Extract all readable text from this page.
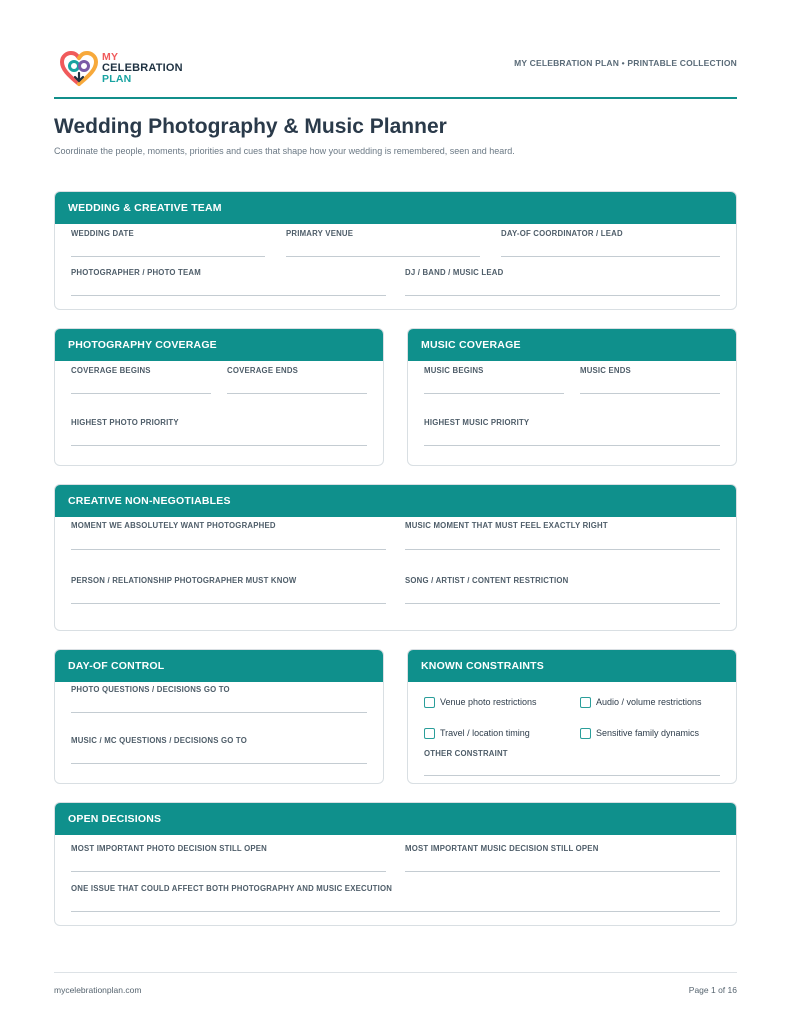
MY
CELEBRATION
PLAN
MY CELEBRATION PLAN • PRINTABLE COLLECTION
Wedding Photography & Music Planner
Coordinate the people, moments, priorities and cues that shape how your wedding is remembered, seen and heard.
WEDDING & CREATIVE TEAM
WEDDING DATE	PRIMARY VENUE	DAY-OF COORDINATOR / LEAD
PHOTOGRAPHER / PHOTO TEAM	DJ / BAND / MUSIC LEAD
PHOTOGRAPHY COVERAGE
COVERAGE BEGINS	COVERAGE ENDS
HIGHEST PHOTO PRIORITY
MUSIC COVERAGE
MUSIC BEGINS	MUSIC ENDS
HIGHEST MUSIC PRIORITY
CREATIVE NON-NEGOTIABLES
MOMENT WE ABSOLUTELY WANT PHOTOGRAPHED	MUSIC MOMENT THAT MUST FEEL EXACTLY RIGHT
PERSON / RELATIONSHIP PHOTOGRAPHER MUST KNOW	SONG / ARTIST / CONTENT RESTRICTION
DAY-OF CONTROL
PHOTO QUESTIONS / DECISIONS GO TO
MUSIC / MC QUESTIONS / DECISIONS GO TO
KNOWN CONSTRAINTS
Venue photo restrictions	Audio / volume restrictions
Travel / location timing	Sensitive family dynamics
OTHER CONSTRAINT
OPEN DECISIONS
MOST IMPORTANT PHOTO DECISION STILL OPEN	MOST IMPORTANT MUSIC DECISION STILL OPEN
ONE ISSUE THAT COULD AFFECT BOTH PHOTOGRAPHY AND MUSIC EXECUTION
mycelebrationplan.com	Page 1 of 16
